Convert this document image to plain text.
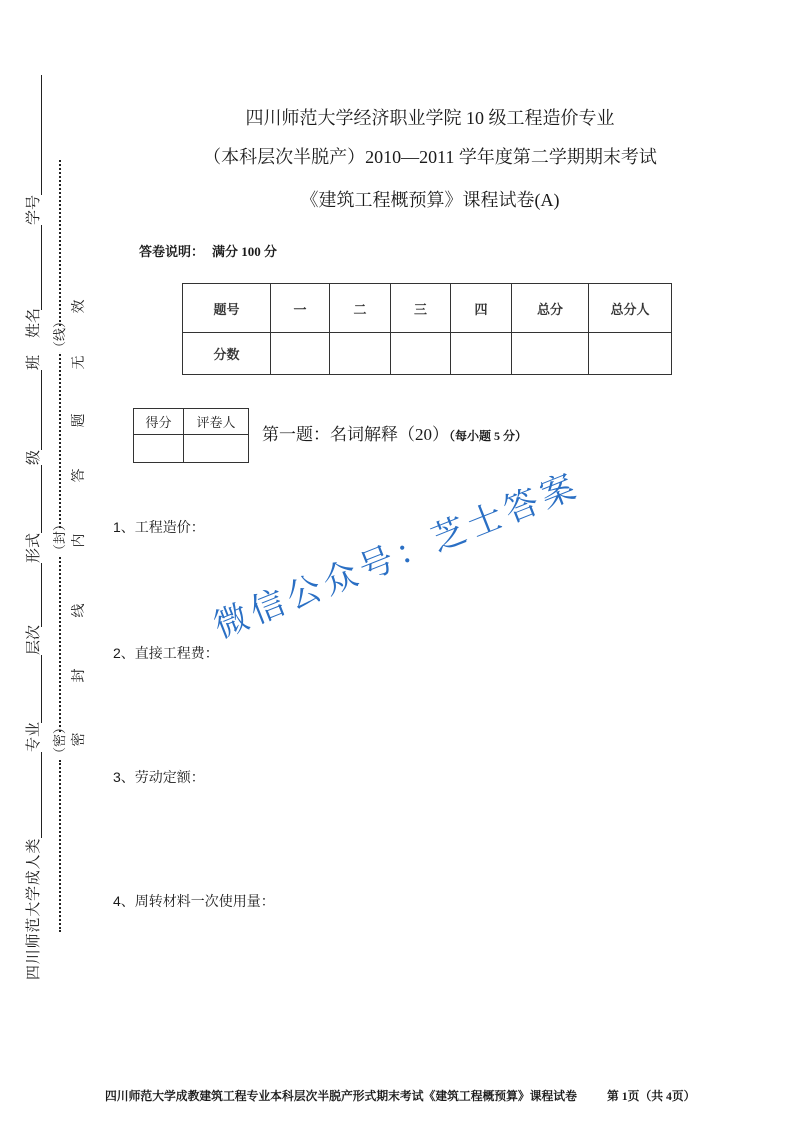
四川师范大学成人类
专业
层次
形式
级
班
姓名
学号
（密）
（封）
（线）
密
封
线
内
答
题
无
效
四川师范大学经济职业学院 10 级工程造价专业
（本科层次半脱产）2010—2011 学年度第二学期期末考试
《建筑工程概预算》课程试卷(A)
答卷说明： 满分 100 分
题号	一	二	三	四	总分	总分人
分数						
得分	评卷人

第一题：名词解释（20）（每小题 5 分）
1、工程造价：
2、直接工程费：
3、劳动定额：
4、周转材料一次使用量：
微信公众号：芝士答案
四川师范大学成教建筑工程专业本科层次半脱产形式期末考试《建筑工程概预算》课程试卷	第 1页（共 4页）
